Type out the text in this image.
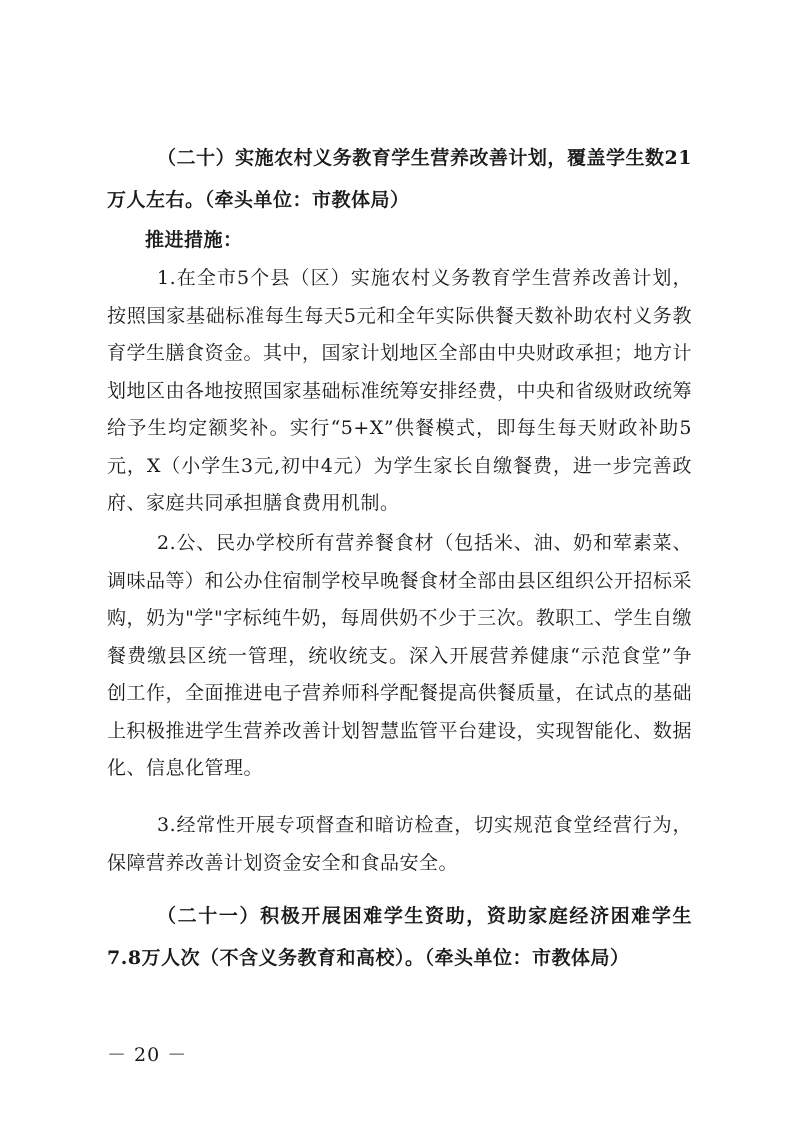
（二十）实施农村义务教育学生营养改善计划，覆盖学生数21万人左右。（牵头单位：市教体局）

推进措施：

1.在全市5个县（区）实施农村义务教育学生营养改善计划，按照国家基础标准每生每天5元和全年实际供餐天数补助农村义务教育学生膳食资金。其中，国家计划地区全部由中央财政承担；地方计划地区由各地按照国家基础标准统筹安排经费，中央和省级财政统筹给予生均定额奖补。实行“5+X”供餐模式，即每生每天财政补助5元，X（小学生3元,初中4元）为学生家长自缴餐费，进一步完善政府、家庭共同承担膳食费用机制。

2.公、民办学校所有营养餐食材（包括米、油、奶和荤素菜、调味品等）和公办住宿制学校早晚餐食材全部由县区组织公开招标采购，奶为"学"字标纯牛奶，每周供奶不少于三次。教职工、学生自缴餐费缴县区统一管理，统收统支。深入开展营养健康“示范食堂”争创工作，全面推进电子营养师科学配餐提高供餐质量，在试点的基础上积极推进学生营养改善计划智慧监管平台建设，实现智能化、数据化、信息化管理。

3.经常性开展专项督查和暗访检查，切实规范食堂经营行为，保障营养改善计划资金安全和食品安全。

（二十一）积极开展困难学生资助，资助家庭经济困难学生7.8万人次（不含义务教育和高校）。（牵头单位：市教体局）

－ 20 －
